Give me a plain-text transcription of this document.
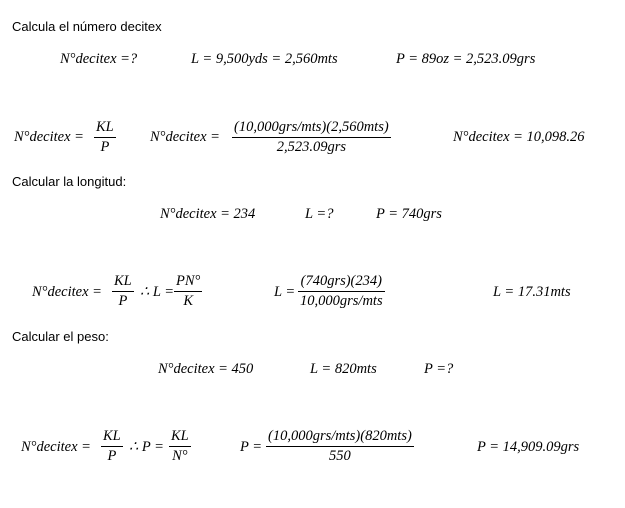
Calcula el número decitex
N°decitex =?	L = 9,500yds = 2,560mts	P = 89oz = 2,523.09grs
N°decitex = $\frac{KL}{P}$ N°decitex =
(10,000grs/mts)(2,560mts)
2,523.09grs
N°decitex = 10,098.26
Calcular la longitud:
N°decitex = 234	L =?	P = 740grs
N°decitex = $\frac{KL}{P}$ ∴ $L = \frac{PN^\circ}{K}$	L =
(740grs)(234)
10,000grs/mts
L = 17.31mts
Calcular el peso:
N°decitex = 450	L = 820mts	P =?
N°decitex = $\frac{KL}{P}$ ∴ $P = \frac{KL}{N^\circ}$	P =
(10,000grs/mts)(820mts)
550
P = 14,909.09grs
